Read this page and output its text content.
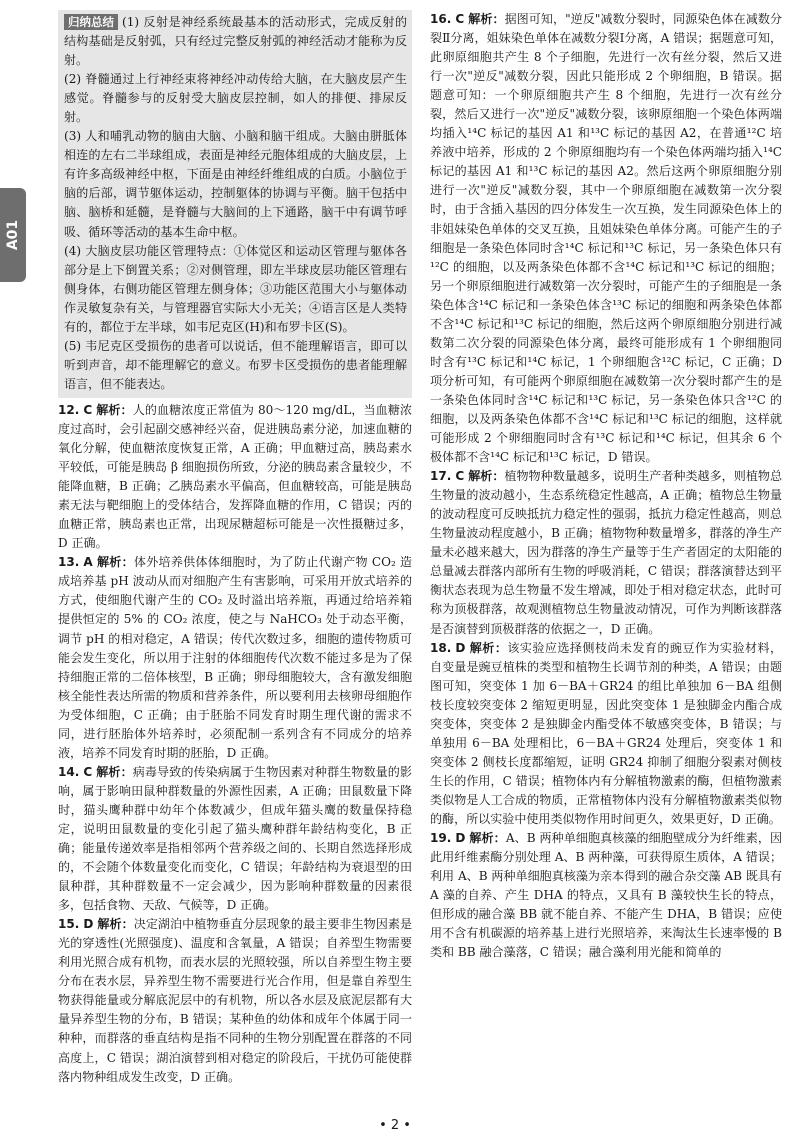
A01

归纳总结 (1) 反射是神经系统最基本的活动形式，完成反射的结构基础是反射弧，只有经过完整反射弧的神经活动才能称为反射。

(2) 脊髓通过上行神经束将神经冲动传给大脑，在大脑皮层产生感觉。脊髓参与的反射受大脑皮层控制，如人的排便、排尿反射。

(3) 人和哺乳动物的脑由大脑、小脑和脑干组成。大脑由胼胝体相连的左右二半球组成，表面是神经元胞体组成的大脑皮层，上有许多高级神经中枢，下面是由神经纤维组成的白质。小脑位于脑的后部，调节躯体运动，控制躯体的协调与平衡。脑干包括中脑、脑桥和延髓，是脊髓与大脑间的上下通路，脑干中有调节呼吸、循环等活动的基本生命中枢。

(4) 大脑皮层功能区管理特点：①体觉区和运动区管理与躯体各部分是上下倒置关系；②对侧管理，即左半球皮层功能区管理右侧身体，右侧功能区管理左侧身体；③功能区范围大小与躯体动作灵敏复杂有关，与管理器官实际大小无关；④语言区是人类特有的，都位于左半球，如韦尼克区(H)和布罗卡区(S)。

(5) 韦尼克区受损伤的患者可以说话，但不能理解语言，即可以听到声音，却不能理解它的意义。布罗卡区受损伤的患者能理解语言，但不能表达。

12. C 解析：人的血糖浓度正常值为 80～120 mg/dL，当血糖浓度过高时，会引起副交感神经兴奋，促进胰岛素分泌，加速血糖的氧化分解，使血糖浓度恢复正常，A 正确；甲血糖过高，胰岛素水平较低，可能是胰岛 β 细胞损伤所致，分泌的胰岛素含量较少，不能降血糖，B 正确；乙胰岛素水平偏高，但血糖较高，可能是胰岛素无法与靶细胞上的受体结合，发挥降血糖的作用，C 错误；丙的血糖正常，胰岛素也正常，出现尿糖超标可能是一次性摄糖过多，D 正确。

13. A 解析：体外培养供体体细胞时，为了防止代谢产物 CO₂ 造成培养基 pH 波动从而对细胞产生有害影响，可采用开放式培养的方式，使细胞代谢产生的 CO₂ 及时溢出培养瓶，再通过给培养箱提供恒定的 5% 的 CO₂ 浓度，使之与 NaHCO₃ 处于动态平衡，调节 pH 的相对稳定，A 错误；传代次数过多，细胞的遗传物质可能会发生变化，所以用于注射的体细胞传代次数不能过多是为了保持细胞正常的二倍体核型，B 正确；卵母细胞较大，含有激发细胞核全能性表达所需的物质和营养条件，所以要利用去核卵母细胞作为受体细胞，C 正确；由于胚胎不同发育时期生理代谢的需求不同，进行胚胎体外培养时，必须配制一系列含有不同成分的培养液，培养不同发育时期的胚胎，D 正确。

14. C 解析：病毒导致的传染病属于生物因素对种群生物数量的影响，属于影响田鼠种群数量的外源性因素，A 正确；田鼠数量下降时，猫头鹰种群中幼年个体数减少，但成年猫头鹰的数量保持稳定，说明田鼠数量的变化引起了猫头鹰种群年龄结构变化，B 正确；能量传递效率是指相邻两个营养级之间的、长期自然选择形成的，不会随个体数量变化而变化，C 错误；年龄结构为衰退型的田鼠种群，其种群数量不一定会减少，因为影响种群数量的因素很多，包括食物、天敌、气候等，D 正确。

15. D 解析：决定湖泊中植物垂直分层现象的最主要非生物因素是光的穿透性(光照强度)、温度和含氧量，A 错误；自养型生物需要利用光照合成有机物，而表水层的光照较强，所以自养型生物主要分布在表水层，异养型生物不需要进行光合作用，但是靠自养型生物获得能量或分解底泥层中的有机物，所以各水层及底泥层都有大量异养型生物的分布，B 错误；某种鱼的幼体和成年个体属于同一种种，而群落的垂直结构是指不同种的生物分别配置在群落的不同高度上，C 错误；湖泊演替到相对稳定的阶段后，干扰仍可能使群落内物种组成发生改变，D 正确。

16. C 解析：据图可知，"逆反"减数分裂时，同源染色体在减数分裂Ⅱ分离，姐妹染色单体在减数分裂Ⅰ分离，A 错误；据题意可知，此卵原细胞共产生 8 个子细胞，先进行一次有丝分裂，然后又进行一次"逆反"减数分裂，因此只能形成 2 个卵细胞，B 错误。据题意可知：一个卵原细胞共产生 8 个细胞，先进行一次有丝分裂，然后又进行一次"逆反"减数分裂，该卵原细胞一个染色体两端均插入¹⁴C 标记的基因 A1 和¹³C 标记的基因 A2，在普通¹²C 培养液中培养，形成的 2 个卵原细胞均有一个染色体两端均插入¹⁴C 标记的基因 A1 和¹³C 标记的基因 A2。然后这两个卵原细胞分别进行一次"逆反"减数分裂，其中一个卵原细胞在减数第一次分裂时，由于含插入基因的四分体发生一次互换，发生同源染色体上的非姐妹染色单体的交叉互换，且姐妹染色单体分离。可能产生的子细胞是一条染色体同时含¹⁴C 标记和¹³C 标记，另一条染色体只有¹²C 的细胞，以及两条染色体都不含¹⁴C 标记和¹³C 标记的细胞；另一个卵原细胞进行减数第一次分裂时，可能产生的子细胞是一条染色体含¹⁴C 标记和一条染色体含¹³C 标记的细胞和两条染色体都不含¹⁴C 标记和¹³C 标记的细胞，然后这两个卵原细胞分别进行减数第二次分裂的同源染色体分离，最终可能形成有 1 个卵细胞同时含有¹³C 标记和¹⁴C 标记，1 个卵细胞含¹²C 标记，C 正确；D 项分析可知，有可能两个卵原细胞在减数第一次分裂时都产生的是一条染色体同时含¹⁴C 标记和¹³C 标记，另一条染色体只含¹²C 的细胞，以及两条染色体都不含¹⁴C 标记和¹³C 标记的细胞，这样就可能形成 2 个卵细胞同时含有¹³C 标记和¹⁴C 标记，但其余 6 个极体都不含¹⁴C 标记和¹³C 标记，D 错误。

17. C 解析：植物物种数量越多，说明生产者种类越多，则植物总生物量的波动越小，生态系统稳定性越高，A 正确；植物总生物量的波动程度可反映抵抗力稳定性的强弱，抵抗力稳定性越高，则总生物量波动程度越小，B 正确；植物物种数量增多，群落的净生产量未必越来越大，因为群落的净生产量等于生产者固定的太阳能的总量减去群落内部所有生物的呼吸消耗，C 错误；群落演替达到平衡状态表现为总生物量不发生增减，即处于相对稳定状态，此时可称为顶极群落，故观测植物总生物量波动情况，可作为判断该群落是否演替到顶极群落的依据之一，D 正确。

18. D 解析：该实验应选择侧枝尚未发育的豌豆作为实验材料，自变量是豌豆植株的类型和植物生长调节剂的种类，A 错误；由题图可知，突变体 1 加 6－BA＋GR24 的组比单独加 6－BA 组侧枝长度较突变体 2 缩短更明显，因此突变体 1 是独脚金内酯合成突变体，突变体 2 是独脚金内酯受体不敏感突变体，B 错误；与单独用 6－BA 处理相比，6－BA＋GR24 处理后，突变体 1 和突变体 2 侧枝长度都缩短，证明 GR24 抑制了细胞分裂素对侧枝生长的作用，C 错误；植物体内有分解植物激素的酶，但植物激素类似物是人工合成的物质，正常植物体内没有分解植物激素类似物的酶，所以实验中使用类似物作用时间更久，效果更好，D 正确。

19. D 解析：A、B 两种单细胞真核藻的细胞壁成分为纤维素，因此用纤维素酶分别处理 A、B 两种藻，可获得原生质体，A 错误；利用 A、B 两种单细胞真核藻为亲本得到的融合杂交藻 AB 既具有 A 藻的自养、产生 DHA 的特点，又具有 B 藻较快生长的特点，但形成的融合藻 BB 就不能自养、不能产生 DHA，B 错误；应使用不含有机碳源的培养基上进行光照培养，来淘汰生长速率慢的 B 类和 BB 融合藻落，C 错误；融合藻利用光能和简单的

• 2 •
